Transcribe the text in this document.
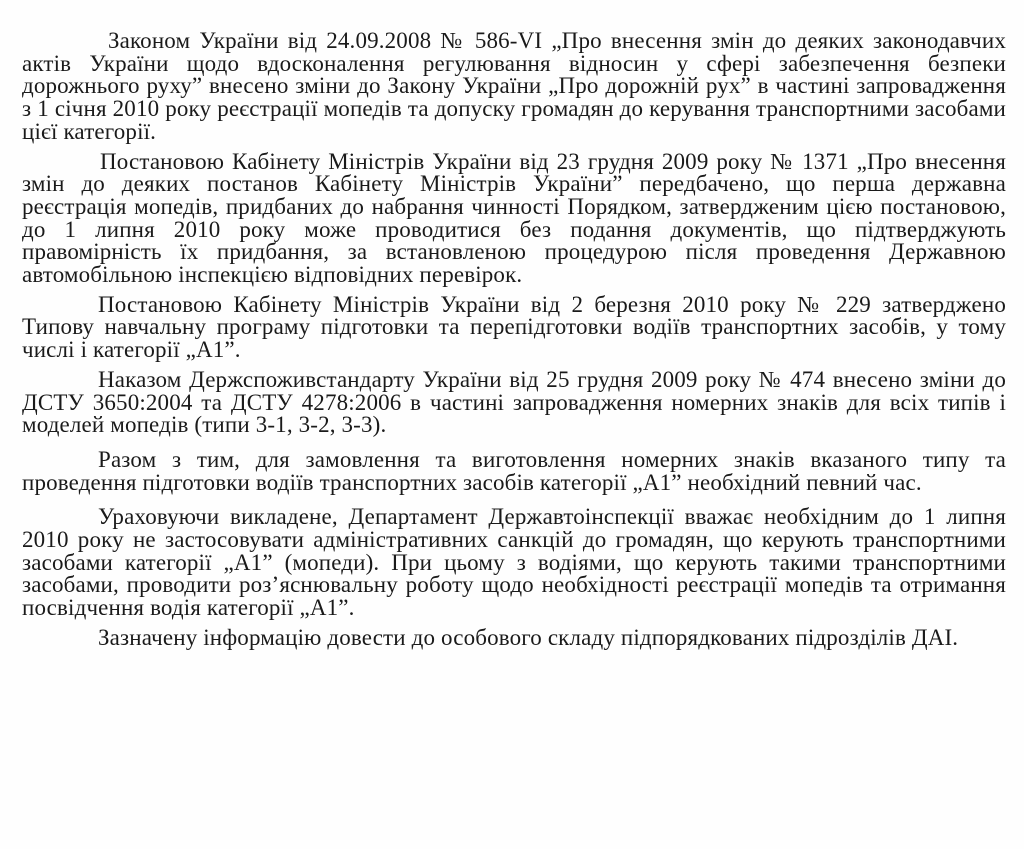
Законом України від 24.09.2008 № 586-VI „Про внесення змін до деяких законодавчих актів України щодо вдосконалення регулювання відносин у сфері забезпечення безпеки дорожнього руху” внесено зміни до Закону України „Про дорожній рух” в частині запровадження з 1 січня 2010 року реєстрації мопедів та допуску громадян до керування транспортними засобами цієї категорії.

Постановою Кабінету Міністрів України від 23 грудня 2009 року № 1371 „Про внесення змін до деяких постанов Кабінету Міністрів України” передбачено, що перша державна реєстрація мопедів, придбаних до набрання чинності Порядком, затвердженим цією постановою, до 1 липня 2010 року може проводитися без подання документів, що підтверджують правомірність їх придбання, за встановленою процедурою після проведення Державною автомобільною інспекцією відповідних перевірок.

Постановою Кабінету Міністрів України від 2 березня 2010 року № 229 затверджено Типову навчальну програму підготовки та перепідготовки водіїв транспортних засобів, у тому числі і категорії „А1”.

Наказом Держспоживстандарту України від 25 грудня 2009 року № 474 внесено зміни до ДСТУ 3650:2004 та ДСТУ 4278:2006 в частині запровадження номерних знаків для всіх типів і моделей мопедів (типи 3-1, 3-2, 3-3).

Разом з тим, для замовлення та виготовлення номерних знаків вказаного типу та проведення підготовки водіїв транспортних засобів категорії „А1” необхідний певний час.

Ураховуючи викладене, Департамент Державтоінспекції вважає необхідним до 1 липня 2010 року не застосовувати адміністративних санкцій до громадян, що керують транспортними засобами категорії „А1” (мопеди). При цьому з водіями, що керують такими транспортними засобами, проводити роз’яснювальну роботу щодо необхідності реєстрації мопедів та отримання посвідчення водія категорії „А1”.

Зазначену інформацію довести до особового складу підпорядкованих підрозділів ДАІ.
